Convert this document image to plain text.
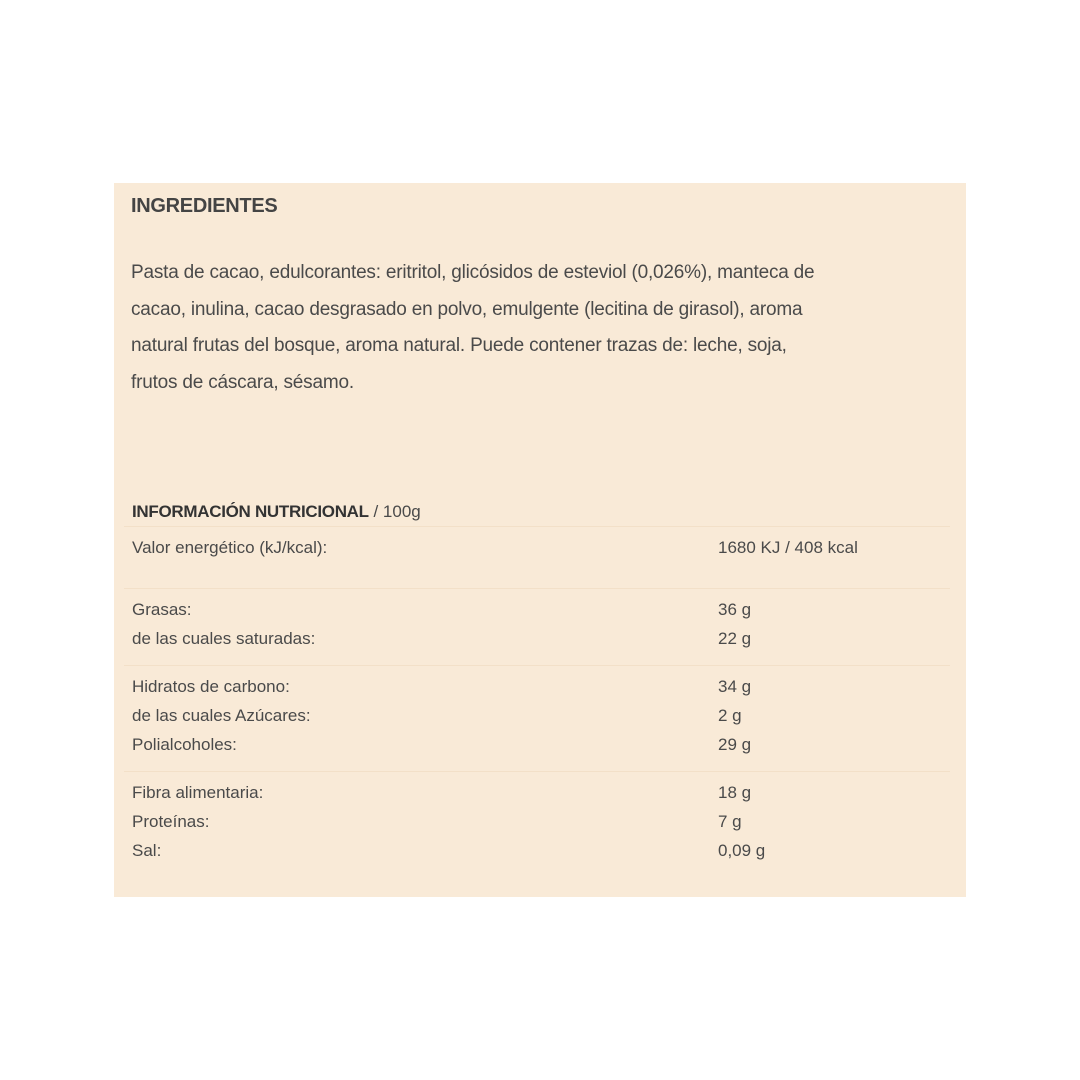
INGREDIENTES
Pasta de cacao, edulcorantes: eritritol, glicósidos de esteviol (0,026%), manteca de
cacao, inulina, cacao desgrasado en polvo, emulgente (lecitina de girasol), aroma
natural frutas del bosque, aroma natural. Puede contener trazas de: leche, soja,
frutos de cáscara, sésamo.
INFORMACIÓN NUTRICIONAL / 100g
Valor energético (kJ/kcal):	1680 KJ / 408 kcal
Grasas:	36 g
de las cuales saturadas:	22 g
Hidratos de carbono:	34 g
de las cuales Azúcares:	2 g
Polialcoholes:	29 g
Fibra alimentaria:	18 g
Proteínas:	7 g
Sal:	0,09 g
